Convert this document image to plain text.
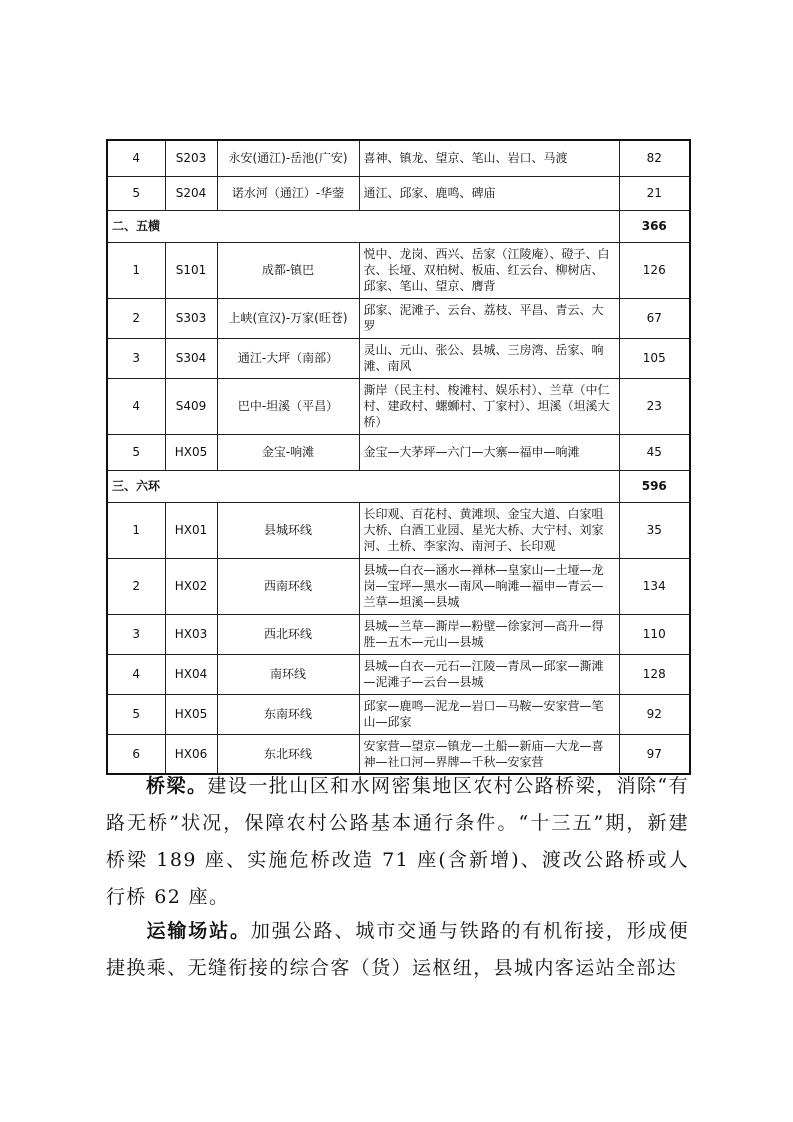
4	S203	永安(通江)-岳池(广安)	喜神、镇龙、望京、笔山、岩口、马渡	82
5	S204	诺水河（通江）-华蓥	通江、邱家、鹿鸣、碑庙	21
二、五横				366
1	S101	成都-镇巴	悦中、龙岗、西兴、岳家（江陵庵）、磴子、白衣、长垭、双柏树、板庙、红云台、柳树店、邱家、笔山、望京、膺背	126
2	S303	上峡(宣汉)-万家(旺苍)	邱家、泥滩子、云台、荔枝、平昌、青云、大罗	67
3	S304	通江-大坪（南部）	灵山、元山、张公、县城、三房湾、岳家、响滩、南风	105
4	S409	巴中-坦溪（平昌）	澌岸（民主村、梭滩村、娱乐村）、兰草（中仁村、建政村、螺蛳村、丁家村）、坦溪（坦溪大桥）	23
5	HX05	金宝-响滩	金宝—大茅坪—六门—大寨—福申—响滩	45
三、六环				596
1	HX01	县城环线	长印观、百花村、黄滩坝、金宝大道、白家咀大桥、白酒工业园、星光大桥、大宁村、刘家河、土桥、李家沟、南河子、长印观	35
2	HX02	西南环线	县城—白衣—涵水—禅林—皇家山—土垭—龙岗—宝坪—黑水—南风—响滩—福申—青云—兰草—坦溪—县城	134
3	HX03	西北环线	县城—兰草—澌岸—粉壁—徐家河—高升—得胜—五木—元山—县城	110
4	HX04	南环线	县城—白衣—元石—江陵—青凤—邱家—澌滩—泥滩子—云台—县城	128
5	HX05	东南环线	邱家—鹿鸣—泥龙—岩口—马鞍—安家营—笔山—邱家	92
6	HX06	东北环线	安家营—望京—镇龙—土船—新庙—大龙—喜神—社口河—界牌—千秋—安家营	97
桥梁。建设一批山区和水网密集地区农村公路桥梁，消除“有路无桥”状况，保障农村公路基本通行条件。“十三五”期，新建桥梁 189 座、实施危桥改造 71 座(含新增)、渡改公路桥或人行桥 62 座。
运输场站。加强公路、城市交通与铁路的有机衔接，形成便捷换乘、无缝衔接的综合客（货）运枢纽，县城内客运站全部达
